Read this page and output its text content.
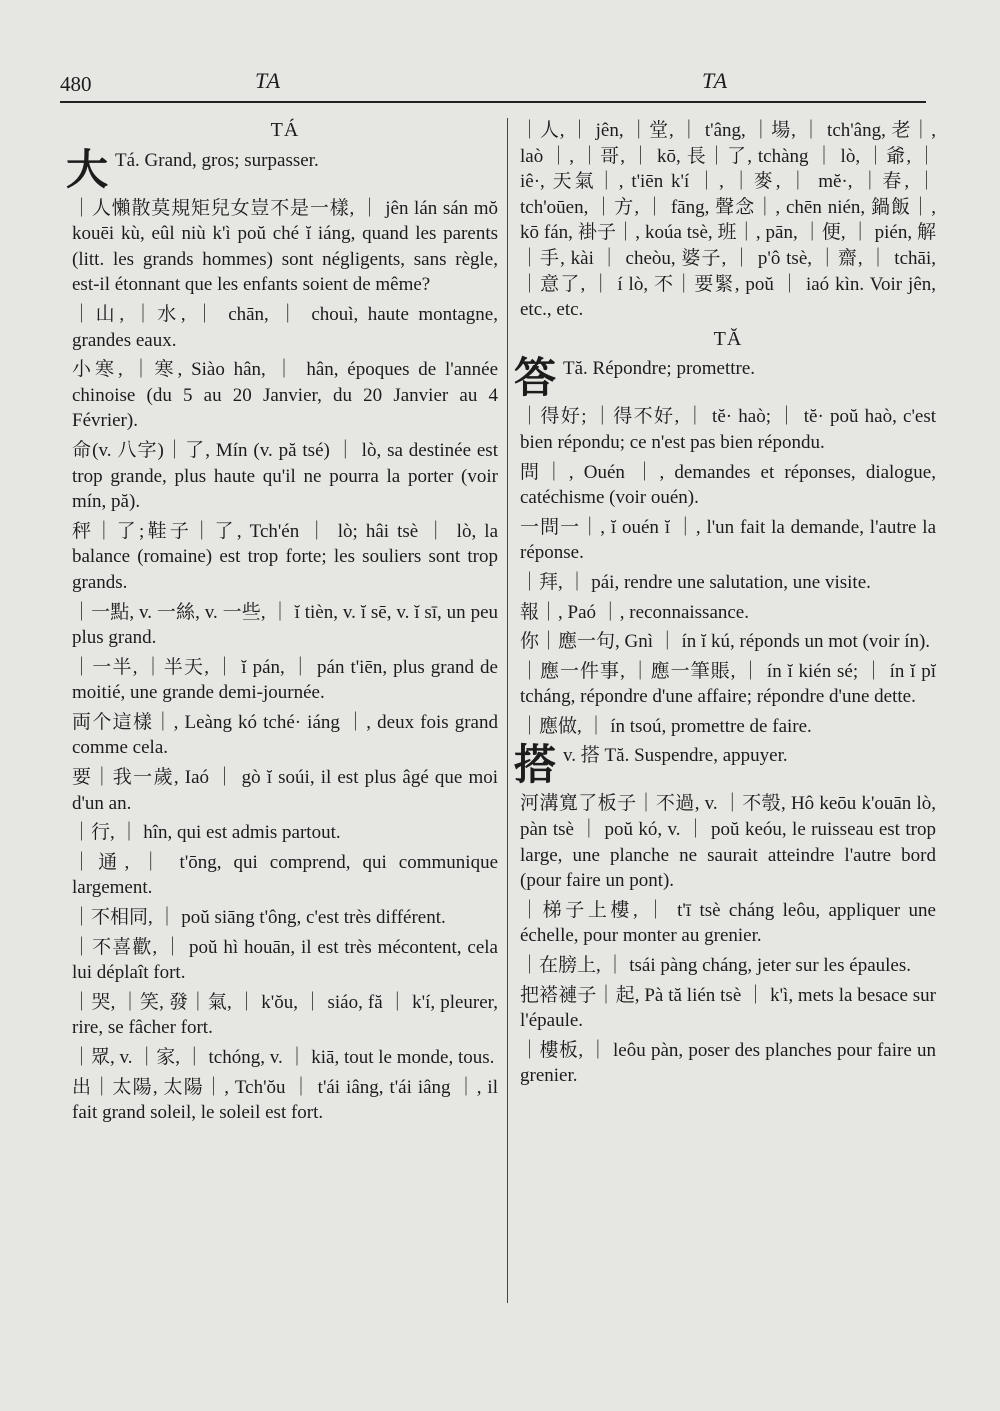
480	TA	TA

TÁ

大 Tá. Grand, gros; surpasser.

｜人懶散莫規矩兒女豈不是一樣, ｜ jên lán sán mŏ kouēi kù, eûl niù k'ì poŭ ché ĭ iáng, quand les parents (litt. les grands hommes) sont négligents, sans règle, est-il étonnant que les enfants soient de même?

｜山, ｜水, ｜ chān, ｜ chouì, haute montagne, grandes eaux.

小寒, ｜寒, Siào hân, ｜ hân, époques de l'année chinoise (du 5 au 20 Janvier, du 20 Janvier au 4 Février).

命(v. 八字)｜了, Mín (v. pă tsé) ｜ lò, sa destinée est trop grande, plus haute qu'il ne pourra la porter (voir mín, pă).

秤｜了;鞋子｜了, Tch'én ｜ lò; hâi tsè ｜ lò, la balance (romaine) est trop forte; les souliers sont trop grands.

｜一點, v. 一絲, v. 一些, ｜ ĭ tièn, v. ĭ sē, v. ĭ sī, un peu plus grand.

｜一半, ｜半天, ｜ ĭ pán, ｜ pán t'iēn, plus grand de moitié, une grande demi-journée.

両个這樣｜, Leàng kó tché· iáng ｜, deux fois grand comme cela.

要｜我一歲, Iaó ｜ gò ĭ soúi, il est plus âgé que moi d'un an.

｜行, ｜ hîn, qui est admis partout.

｜通, ｜ t'ōng, qui comprend, qui communique largement.

｜不相同, ｜ poŭ siāng t'ông, c'est très différent.

｜不喜歡, ｜ poŭ hì houān, il est très mécontent, cela lui déplaît fort.

｜哭, ｜笑, 發｜氣, ｜ k'ŏu, ｜ siáo, fă ｜ k'í, pleurer, rire, se fâcher fort.

｜眾, v. ｜家, ｜ tchóng, v. ｜ kiā, tout le monde, tous.

出｜太陽, 太陽｜, Tch'ŏu ｜ t'ái iâng, t'ái iâng ｜, il fait grand soleil, le soleil est fort.

｜人, ｜ jên, ｜堂, ｜ t'âng, ｜場, ｜ tch'âng, 老｜, laò ｜, ｜哥, ｜ kō, 長｜了, tchàng ｜ lò, ｜爺, ｜ iê·, 天氣｜, t'iēn k'í ｜, ｜麥, ｜ mĕ·, ｜春, ｜ tch'oūen, ｜方, ｜ fāng, 聲念｜, chēn nién, 鍋飯｜, kō fán, 褂子｜, koúa tsè, 班｜, pān, ｜便, ｜ pién, 解｜手, kài ｜ cheòu, 婆子, ｜ p'ô tsè, ｜齋, ｜ tchāi, ｜意了, ｜ í lò, 不｜要緊, poŭ ｜ iaó kìn. Voir jên, etc., etc.

TĂ

答 Tă. Répondre; promettre.

｜得好; ｜得不好, ｜ tĕ· haò; ｜ tĕ· poŭ haò, c'est bien répondu; ce n'est pas bien répondu.

問｜, Ouén ｜, demandes et réponses, dialogue, catéchisme (voir ouén).

一問一｜, ĭ ouén ĭ ｜, l'un fait la demande, l'autre la réponse.

｜拜, ｜ pái, rendre une salutation, une visite.

報｜, Paó ｜, reconnaissance.

你｜應一句, Gnì ｜ ín ĭ kú, réponds un mot (voir ín).

｜應一件事, ｜應一筆賬, ｜ ín ĭ kién sé; ｜ ín ĭ pĭ tcháng, répondre d'une affaire; répondre d'une dette.

｜應做, ｜ ín tsoú, promettre de faire.

搭v. 搭 Tă. Suspendre, appuyer.

河溝寬了板子｜不過, v. ｜不彀, Hô keōu k'ouān lò, pàn tsè ｜ poŭ kó, v. ｜ poŭ keóu, le ruisseau est trop large, une planche ne saurait atteindre l'autre bord (pour faire un pont).

｜梯子上樓, ｜ t'ī tsè cháng leôu, appliquer une échelle, pour monter au grenier.

｜在膀上, ｜ tsái pàng cháng, jeter sur les épaules.

把褡褳子｜起, Pà tă lién tsè ｜ k'ì, mets la besace sur l'épaule.

｜樓板, ｜ leôu pàn, poser des planches pour faire un grenier.
